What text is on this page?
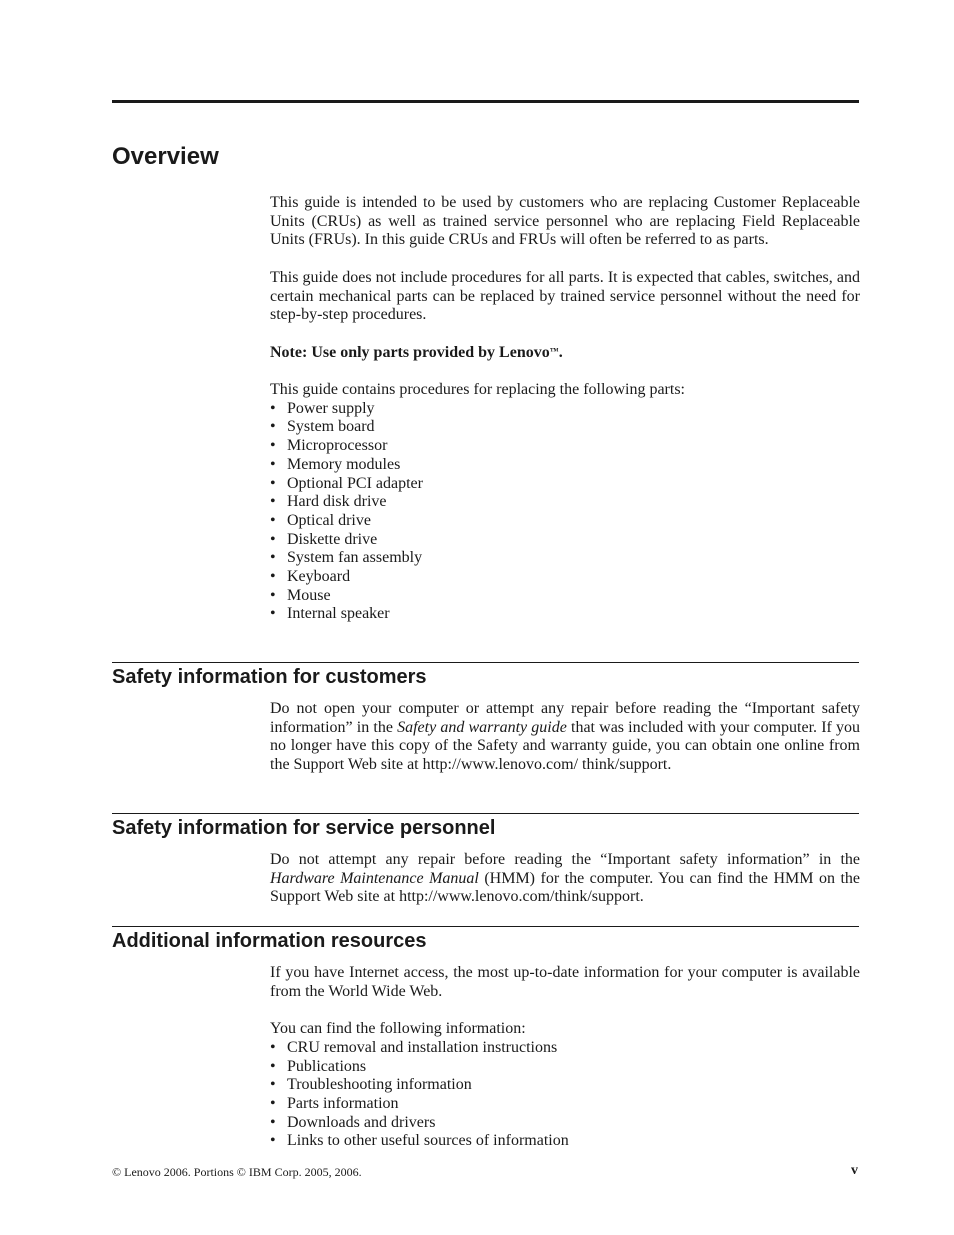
Overview

This guide is intended to be used by customers who are replacing Customer Replaceable Units (CRUs) as well as trained service personnel who are replacing Field Replaceable Units (FRUs). In this guide CRUs and FRUs will often be referred to as parts.

This guide does not include procedures for all parts. It is expected that cables, switches, and certain mechanical parts can be replaced by trained service personnel without the need for step-by-step procedures.

Note: Use only parts provided by Lenovo™.

This guide contains procedures for replacing the following parts:

• Power supply
• System board
• Microprocessor
• Memory modules
• Optional PCI adapter
• Hard disk drive
• Optical drive
• Diskette drive
• System fan assembly
• Keyboard
• Mouse
• Internal speaker
Safety information for customers

Do not open your computer or attempt any repair before reading the “Important safety information” in the Safety and warranty guide that was included with your computer. If you no longer have this copy of the Safety and warranty guide, you can obtain one online from the Support Web site at http://www.lenovo.com/ think/support.

Safety information for service personnel

Do not attempt any repair before reading the “Important safety information” in the Hardware Maintenance Manual (HMM) for the computer. You can find the HMM on the Support Web site at http://www.lenovo.com/think/support.

Additional information resources

If you have Internet access, the most up-to-date information for your computer is available from the World Wide Web.

You can find the following information:

• CRU removal and installation instructions
• Publications
• Troubleshooting information
• Parts information
• Downloads and drivers
• Links to other useful sources of information
© Lenovo 2006. Portions © IBM Corp. 2005, 2006.	v
